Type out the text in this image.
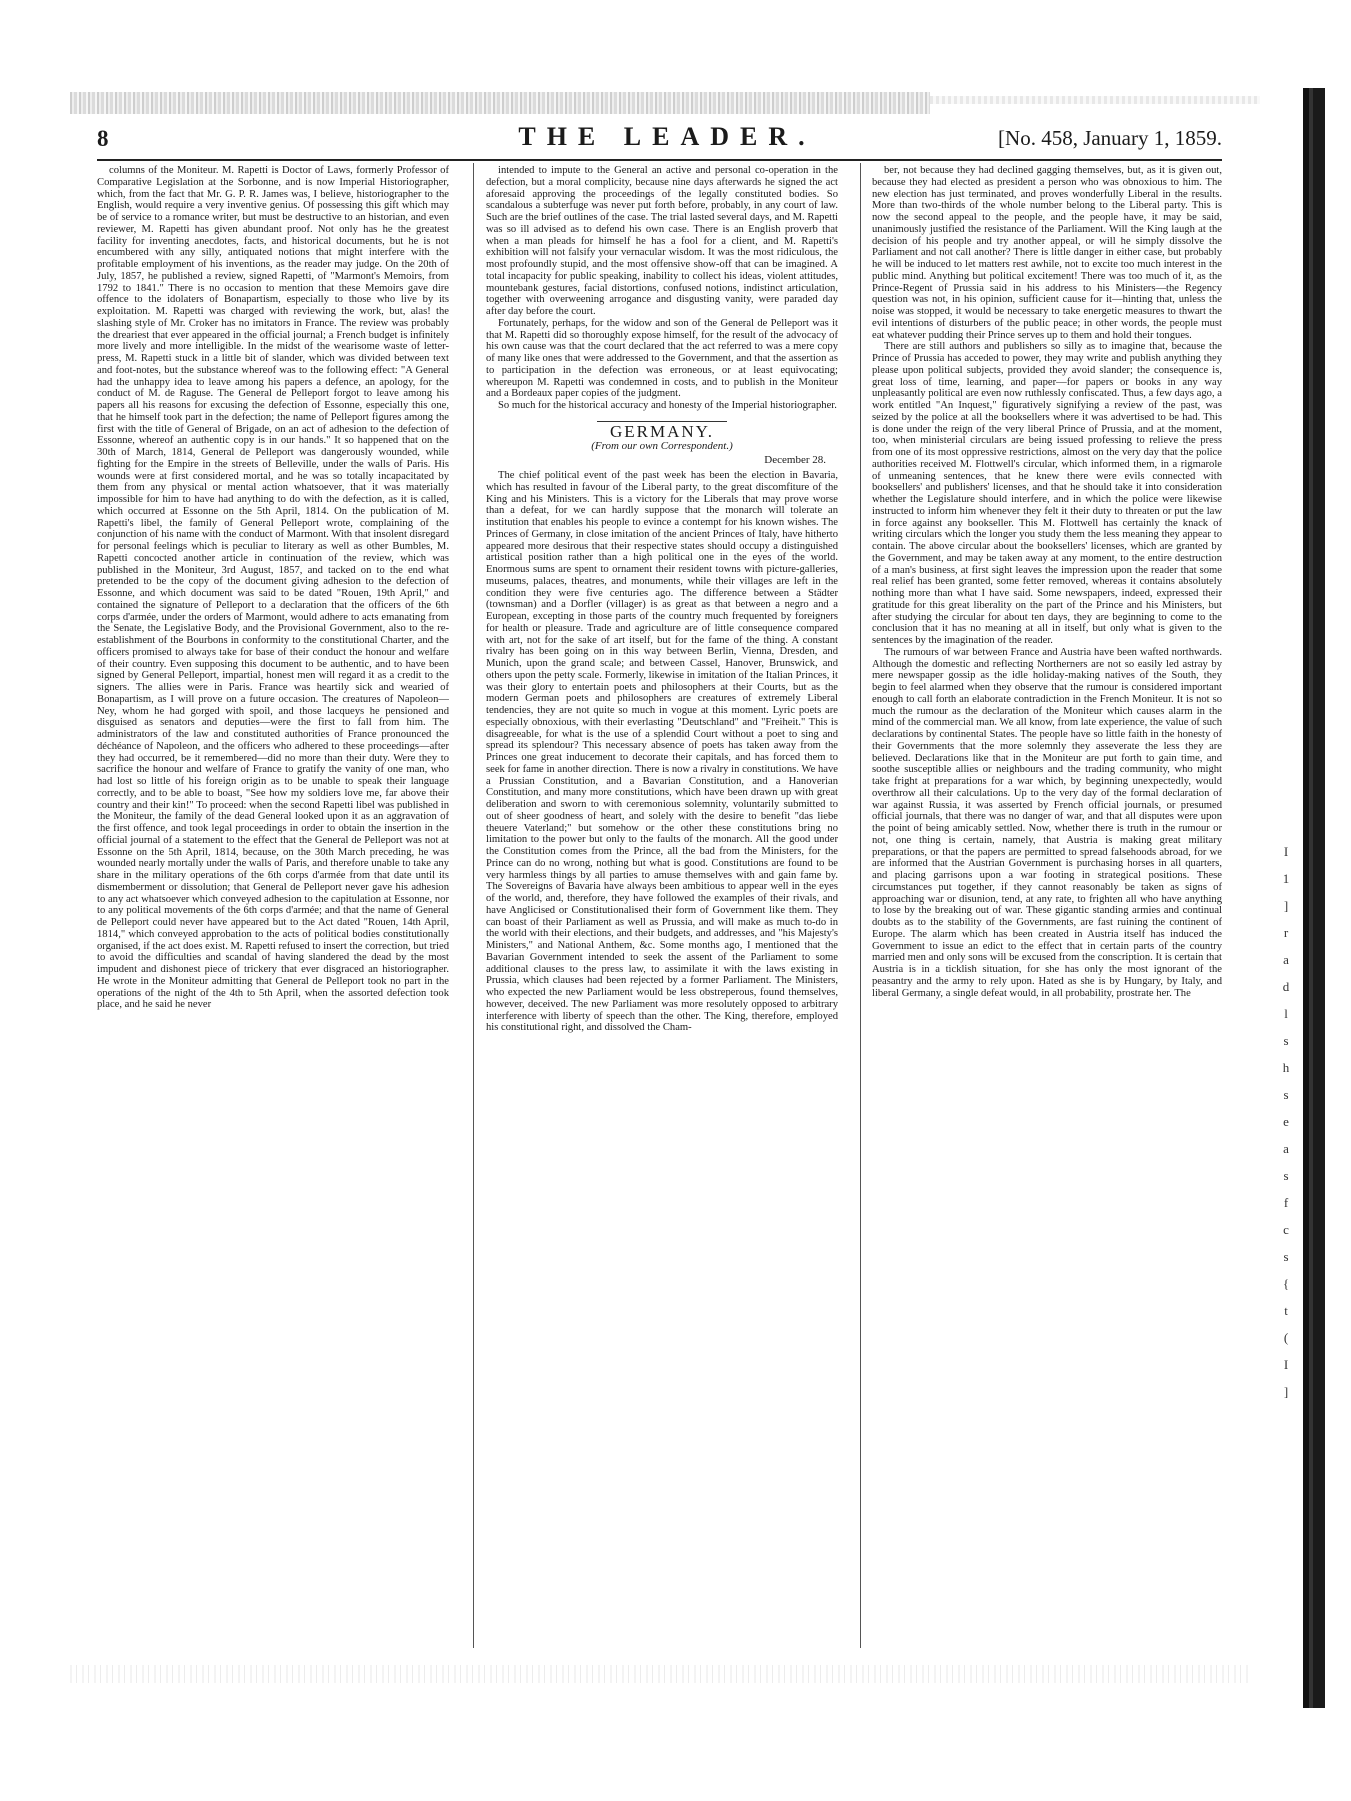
8	THE LEADER.	[No. 458, January 1, 1859.

columns of the Moniteur. M. Rapetti is Doctor of Laws, formerly Professor of Comparative Legislation at the Sorbonne, and is now Imperial Historiographer, which, from the fact that Mr. G. P. R. James was, I believe, historiographer to the English, would require a very inventive genius. Of possessing this gift which may be of service to a romance writer, but must be destructive to an historian, and even reviewer, M. Rapetti has given abundant proof. Not only has he the greatest facility for inventing anecdotes, facts, and historical documents, but he is not encumbered with any silly, antiquated notions that might interfere with the profitable employment of his inventions, as the reader may judge. On the 20th of July, 1857, he published a review, signed Rapetti, of "Marmont's Memoirs, from 1792 to 1841." There is no occasion to mention that these Memoirs gave dire offence to the idolaters of Bonapartism, especially to those who live by its exploitation. M. Rapetti was charged with reviewing the work, but, alas! the slashing style of Mr. Croker has no imitators in France. The review was probably the dreariest that ever appeared in the official journal; a French budget is infinitely more lively and more intelligible. In the midst of the wearisome waste of letter-press, M. Rapetti stuck in a little bit of slander, which was divided between text and foot-notes, but the substance whereof was to the following effect: "A General had the unhappy idea to leave among his papers a defence, an apology, for the conduct of M. de Raguse. The General de Pelleport forgot to leave among his papers all his reasons for excusing the defection of Essonne, especially this one, that he himself took part in the defection; the name of Pelleport figures among the first with the title of General of Brigade, on an act of adhesion to the defection of Essonne, whereof an authentic copy is in our hands." It so happened that on the 30th of March, 1814, General de Pelleport was dangerously wounded, while fighting for the Empire in the streets of Belleville, under the walls of Paris. His wounds were at first considered mortal, and he was so totally incapacitated by them from any physical or mental action whatsoever, that it was materially impossible for him to have had anything to do with the defection, as it is called, which occurred at Essonne on the 5th April, 1814. On the publication of M. Rapetti's libel, the family of General Pelleport wrote, complaining of the conjunction of his name with the conduct of Marmont. With that insolent disregard for personal feelings which is peculiar to literary as well as other Bumbles, M. Rapetti concocted another article in continuation of the review, which was published in the Moniteur, 3rd August, 1857, and tacked on to the end what pretended to be the copy of the document giving adhesion to the defection of Essonne, and which document was said to be dated "Rouen, 19th April," and contained the signature of Pelleport to a declaration that the officers of the 6th corps d'armée, under the orders of Marmont, would adhere to acts emanating from the Senate, the Legislative Body, and the Provisional Government, also to the re-establishment of the Bourbons in conformity to the constitutional Charter, and the officers promised to always take for base of their conduct the honour and welfare of their country. Even supposing this document to be authentic, and to have been signed by General Pelleport, impartial, honest men will regard it as a credit to the signers. The allies were in Paris. France was heartily sick and wearied of Bonapartism, as I will prove on a future occasion. The creatures of Napoleon—Ney, whom he had gorged with spoil, and those lacqueys he pensioned and disguised as senators and deputies—were the first to fall from him. The administrators of the law and constituted authorities of France pronounced the déchéance of Napoleon, and the officers who adhered to these proceedings—after they had occurred, be it remembered—did no more than their duty. Were they to sacrifice the honour and welfare of France to gratify the vanity of one man, who had lost so little of his foreign origin as to be unable to speak their language correctly, and to be able to boast, "See how my soldiers love me, far above their country and their kin!" To proceed: when the second Rapetti libel was published in the Moniteur, the family of the dead General looked upon it as an aggravation of the first offence, and took legal proceedings in order to obtain the insertion in the official journal of a statement to the effect that the General de Pelleport was not at Essonne on the 5th April, 1814, because, on the 30th March preceding, he was wounded nearly mortally under the walls of Paris, and therefore unable to take any share in the military operations of the 6th corps d'armée from that date until its dismemberment or dissolution; that General de Pelleport never gave his adhesion to any act whatsoever which conveyed adhesion to the capitulation at Essonne, nor to any political movements of the 6th corps d'armée; and that the name of General de Pelleport could never have appeared but to the Act dated "Rouen, 14th April, 1814," which conveyed approbation to the acts of political bodies constitutionally organised, if the act does exist. M. Rapetti refused to insert the correction, but tried to avoid the difficulties and scandal of having slandered the dead by the most impudent and dishonest piece of trickery that ever disgraced an historiographer. He wrote in the Moniteur admitting that General de Pelleport took no part in the operations of the night of the 4th to 5th April, when the assorted defection took place, and he said he never

intended to impute to the General an active and personal co-operation in the defection, but a moral complicity, because nine days afterwards he signed the act aforesaid approving the proceedings of the legally constituted bodies. So scandalous a subterfuge was never put forth before, probably, in any court of law. Such are the brief outlines of the case. The trial lasted several days, and M. Rapetti was so ill advised as to defend his own case. There is an English proverb that when a man pleads for himself he has a fool for a client, and M. Rapetti's exhibition will not falsify your vernacular wisdom. It was the most ridiculous, the most profoundly stupid, and the most offensive show-off that can be imagined. A total incapacity for public speaking, inability to collect his ideas, violent attitudes, mountebank gestures, facial distortions, confused notions, indistinct articulation, together with overweening arrogance and disgusting vanity, were paraded day after day before the court.

Fortunately, perhaps, for the widow and son of the General de Pelleport was it that M. Rapetti did so thoroughly expose himself, for the result of the advocacy of his own cause was that the court declared that the act referred to was a mere copy of many like ones that were addressed to the Government, and that the assertion as to participation in the defection was erroneous, or at least equivocating; whereupon M. Rapetti was condemned in costs, and to publish in the Moniteur and a Bordeaux paper copies of the judgment.

So much for the historical accuracy and honesty of the Imperial historiographer.

GERMANY.
(From our own Correspondent.)
December 28.

The chief political event of the past week has been the election in Bavaria, which has resulted in favour of the Liberal party, to the great discomfiture of the King and his Ministers. This is a victory for the Liberals that may prove worse than a defeat, for we can hardly suppose that the monarch will tolerate an institution that enables his people to evince a contempt for his known wishes. The Princes of Germany, in close imitation of the ancient Princes of Italy, have hitherto appeared more desirous that their respective states should occupy a distinguished artistical position rather than a high political one in the eyes of the world. Enormous sums are spent to ornament their resident towns with picture-galleries, museums, palaces, theatres, and monuments, while their villages are left in the condition they were five centuries ago. The difference between a Städter (townsman) and a Dorfler (villager) is as great as that between a negro and a European, excepting in those parts of the country much frequented by foreigners for health or pleasure. Trade and agriculture are of little consequence compared with art, not for the sake of art itself, but for the fame of the thing. A constant rivalry has been going on in this way between Berlin, Vienna, Dresden, and Munich, upon the grand scale; and between Cassel, Hanover, Brunswick, and others upon the petty scale. Formerly, likewise in imitation of the Italian Princes, it was their glory to entertain poets and philosophers at their Courts, but as the modern German poets and philosophers are creatures of extremely Liberal tendencies, they are not quite so much in vogue at this moment. Lyric poets are especially obnoxious, with their everlasting "Deutschland" and "Freiheit." This is disagreeable, for what is the use of a splendid Court without a poet to sing and spread its splendour? This necessary absence of poets has taken away from the Princes one great inducement to decorate their capitals, and has forced them to seek for fame in another direction. There is now a rivalry in constitutions. We have a Prussian Constitution, and a Bavarian Constitution, and a Hanoverian Constitution, and many more constitutions, which have been drawn up with great deliberation and sworn to with ceremonious solemnity, voluntarily submitted to out of sheer goodness of heart, and solely with the desire to benefit "das liebe theuere Vaterland;" but somehow or the other these constitutions bring no limitation to the power but only to the faults of the monarch. All the good under the Constitution comes from the Prince, all the bad from the Ministers, for the Prince can do no wrong, nothing but what is good. Constitutions are found to be very harmless things by all parties to amuse themselves with and gain fame by. The Sovereigns of Bavaria have always been ambitious to appear well in the eyes of the world, and, therefore, they have followed the examples of their rivals, and have Anglicised or Constitutionalised their form of Government like them. They can boast of their Parliament as well as Prussia, and will make as much to-do in the world with their elections, and their budgets, and addresses, and "his Majesty's Ministers," and National Anthem, &c. Some months ago, I mentioned that the Bavarian Government intended to seek the assent of the Parliament to some additional clauses to the press law, to assimilate it with the laws existing in Prussia, which clauses had been rejected by a former Parliament. The Ministers, who expected the new Parliament would be less obstreperous, found themselves, however, deceived. The new Parliament was more resolutely opposed to arbitrary interference with liberty of speech than the other. The King, therefore, employed his constitutional right, and dissolved the Cham-

ber, not because they had declined gagging themselves, but, as it is given out, because they had elected as president a person who was obnoxious to him. The new election has just terminated, and proves wonderfully Liberal in the results. More than two-thirds of the whole number belong to the Liberal party. This is now the second appeal to the people, and the people have, it may be said, unanimously justified the resistance of the Parliament. Will the King laugh at the decision of his people and try another appeal, or will he simply dissolve the Parliament and not call another? There is little danger in either case, but probably he will be induced to let matters rest awhile, not to excite too much interest in the public mind. Anything but political excitement! There was too much of it, as the Prince-Regent of Prussia said in his address to his Ministers—the Regency question was not, in his opinion, sufficient cause for it—hinting that, unless the noise was stopped, it would be necessary to take energetic measures to thwart the evil intentions of disturbers of the public peace; in other words, the people must eat whatever pudding their Prince serves up to them and hold their tongues.

There are still authors and publishers so silly as to imagine that, because the Prince of Prussia has acceded to power, they may write and publish anything they please upon political subjects, provided they avoid slander; the consequence is, great loss of time, learning, and paper—for papers or books in any way unpleasantly political are even now ruthlessly confiscated. Thus, a few days ago, a work entitled "An Inquest," figuratively signifying a review of the past, was seized by the police at all the booksellers where it was advertised to be had. This is done under the reign of the very liberal Prince of Prussia, and at the moment, too, when ministerial circulars are being issued professing to relieve the press from one of its most oppressive restrictions, almost on the very day that the police authorities received M. Flottwell's circular, which informed them, in a rigmarole of unmeaning sentences, that he knew there were evils connected with booksellers' and publishers' licenses, and that he should take it into consideration whether the Legislature should interfere, and in which the police were likewise instructed to inform him whenever they felt it their duty to threaten or put the law in force against any bookseller. This M. Flottwell has certainly the knack of writing circulars which the longer you study them the less meaning they appear to contain. The above circular about the booksellers' licenses, which are granted by the Government, and may be taken away at any moment, to the entire destruction of a man's business, at first sight leaves the impression upon the reader that some real relief has been granted, some fetter removed, whereas it contains absolutely nothing more than what I have said. Some newspapers, indeed, expressed their gratitude for this great liberality on the part of the Prince and his Ministers, but after studying the circular for about ten days, they are beginning to come to the conclusion that it has no meaning at all in itself, but only what is given to the sentences by the imagination of the reader.

The rumours of war between France and Austria have been wafted northwards. Although the domestic and reflecting Northerners are not so easily led astray by mere newspaper gossip as the idle holiday-making natives of the South, they begin to feel alarmed when they observe that the rumour is considered important enough to call forth an elaborate contradiction in the French Moniteur. It is not so much the rumour as the declaration of the Moniteur which causes alarm in the mind of the commercial man. We all know, from late experience, the value of such declarations by continental States. The people have so little faith in the honesty of their Governments that the more solemnly they asseverate the less they are believed. Declarations like that in the Moniteur are put forth to gain time, and soothe susceptible allies or neighbours and the trading community, who might take fright at preparations for a war which, by beginning unexpectedly, would overthrow all their calculations. Up to the very day of the formal declaration of war against Russia, it was asserted by French official journals, or presumed official journals, that there was no danger of war, and that all disputes were upon the point of being amicably settled. Now, whether there is truth in the rumour or not, one thing is certain, namely, that Austria is making great military preparations, or that the papers are permitted to spread falsehoods abroad, for we are informed that the Austrian Government is purchasing horses in all quarters, and placing garrisons upon a war footing in strategical positions. These circumstances put together, if they cannot reasonably be taken as signs of approaching war or disunion, tend, at any rate, to frighten all who have anything to lose by the breaking out of war. These gigantic standing armies and continual doubts as to the stability of the Governments, are fast ruining the continent of Europe. The alarm which has been created in Austria itself has induced the Government to issue an edict to the effect that in certain parts of the country married men and only sons will be excused from the conscription. It is certain that Austria is in a ticklish situation, for she has only the most ignorant of the peasantry and the army to rely upon. Hated as she is by Hungary, by Italy, and liberal Germany, a single defeat would, in all probability, prostrate her. The

I
1
]
r
a
d
l
s
h
s
e
a
s
f
c
s
{
t
(
I
]
